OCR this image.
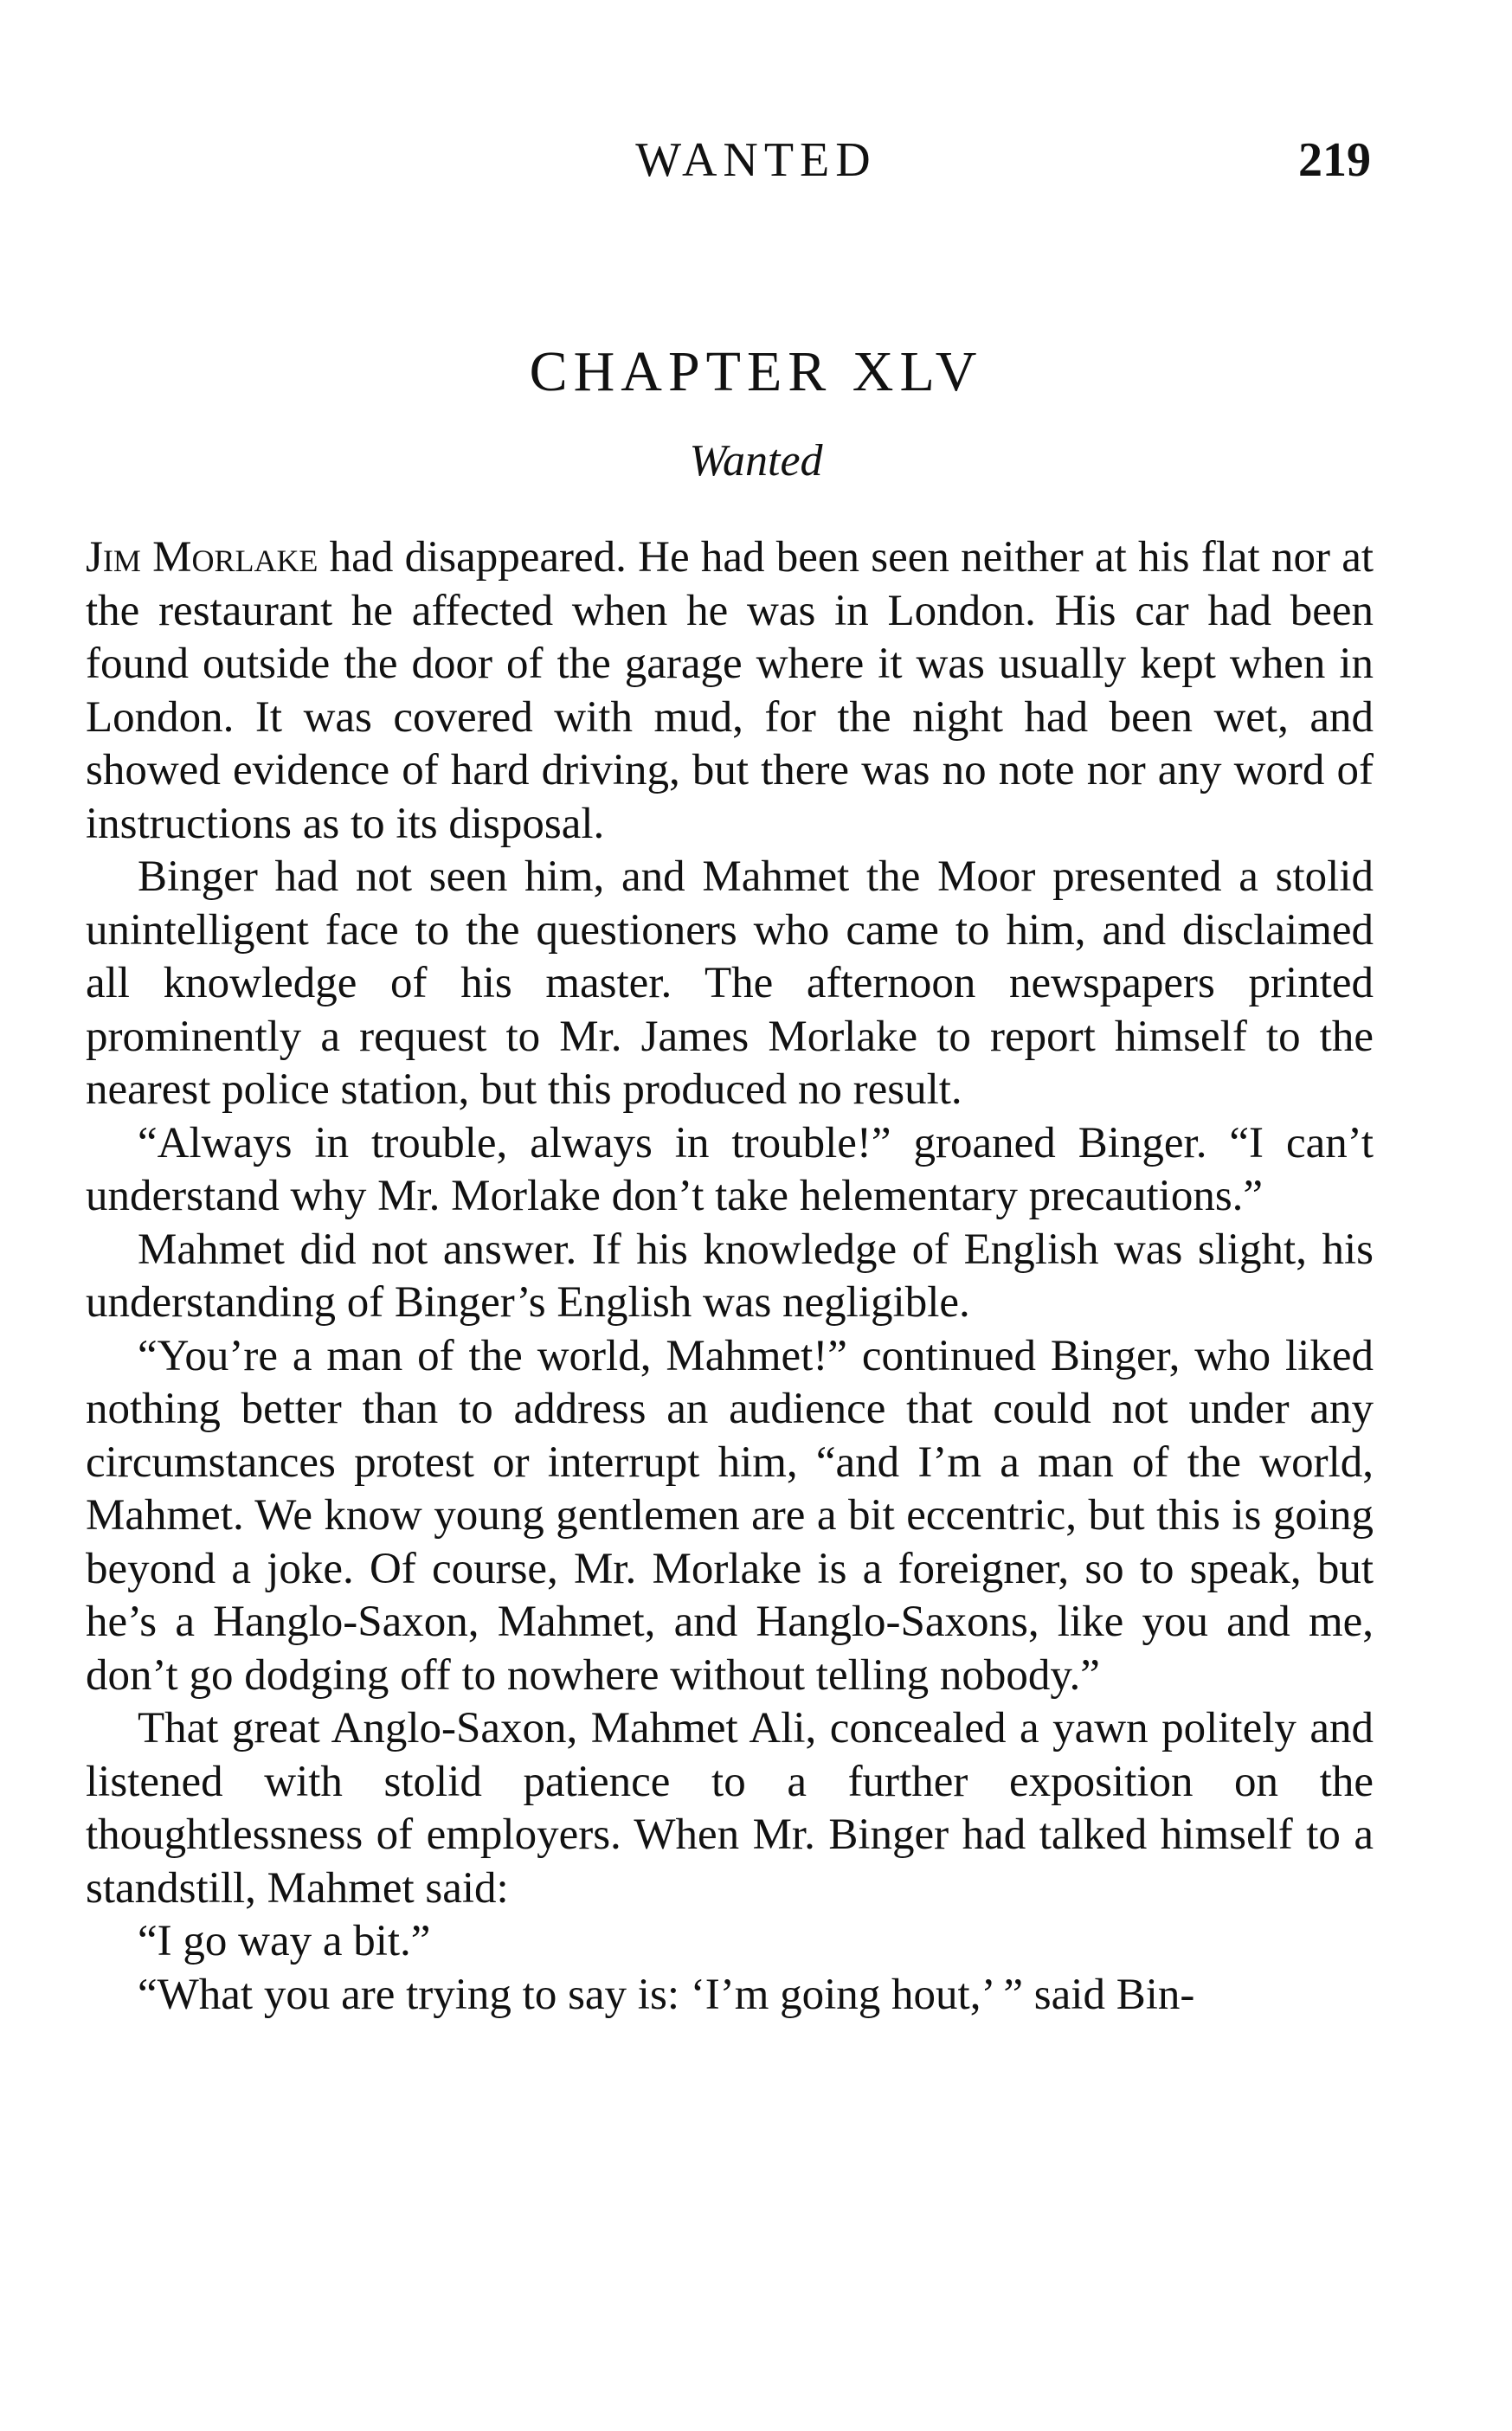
WANTED	219
CHAPTER XLV
Wanted

Jim Morlake had disappeared. He had been seen neither at his flat nor at the restaurant he affected when he was in London. His car had been found outside the door of the garage where it was usually kept when in London. It was covered with mud, for the night had been wet, and showed evidence of hard driving, but there was no note nor any word of instructions as to its disposal.

Binger had not seen him, and Mahmet the Moor presented a stolid unintelligent face to the questioners who came to him, and disclaimed all knowledge of his master. The afternoon newspapers printed prominently a request to Mr. James Morlake to report himself to the nearest police station, but this produced no result.

“Always in trouble, always in trouble!” groaned Binger. “I can’t understand why Mr. Morlake don’t take helementary precautions.”

Mahmet did not answer. If his knowledge of English was slight, his understanding of Binger’s English was negligible.

“You’re a man of the world, Mahmet!” continued Binger, who liked nothing better than to address an audience that could not under any circumstances protest or interrupt him, “and I’m a man of the world, Mahmet. We know young gentlemen are a bit eccentric, but this is going beyond a joke. Of course, Mr. Morlake is a foreigner, so to speak, but he’s a Hanglo-Saxon, Mahmet, and Hanglo-Saxons, like you and me, don’t go dodging off to nowhere without telling nobody.”

That great Anglo-Saxon, Mahmet Ali, concealed a yawn politely and listened with stolid patience to a further exposition on the thoughtlessness of employers. When Mr. Binger had talked himself to a standstill, Mahmet said:

“I go way a bit.”

“What you are trying to say is: ‘I’m going hout,’ ” said Bin-
